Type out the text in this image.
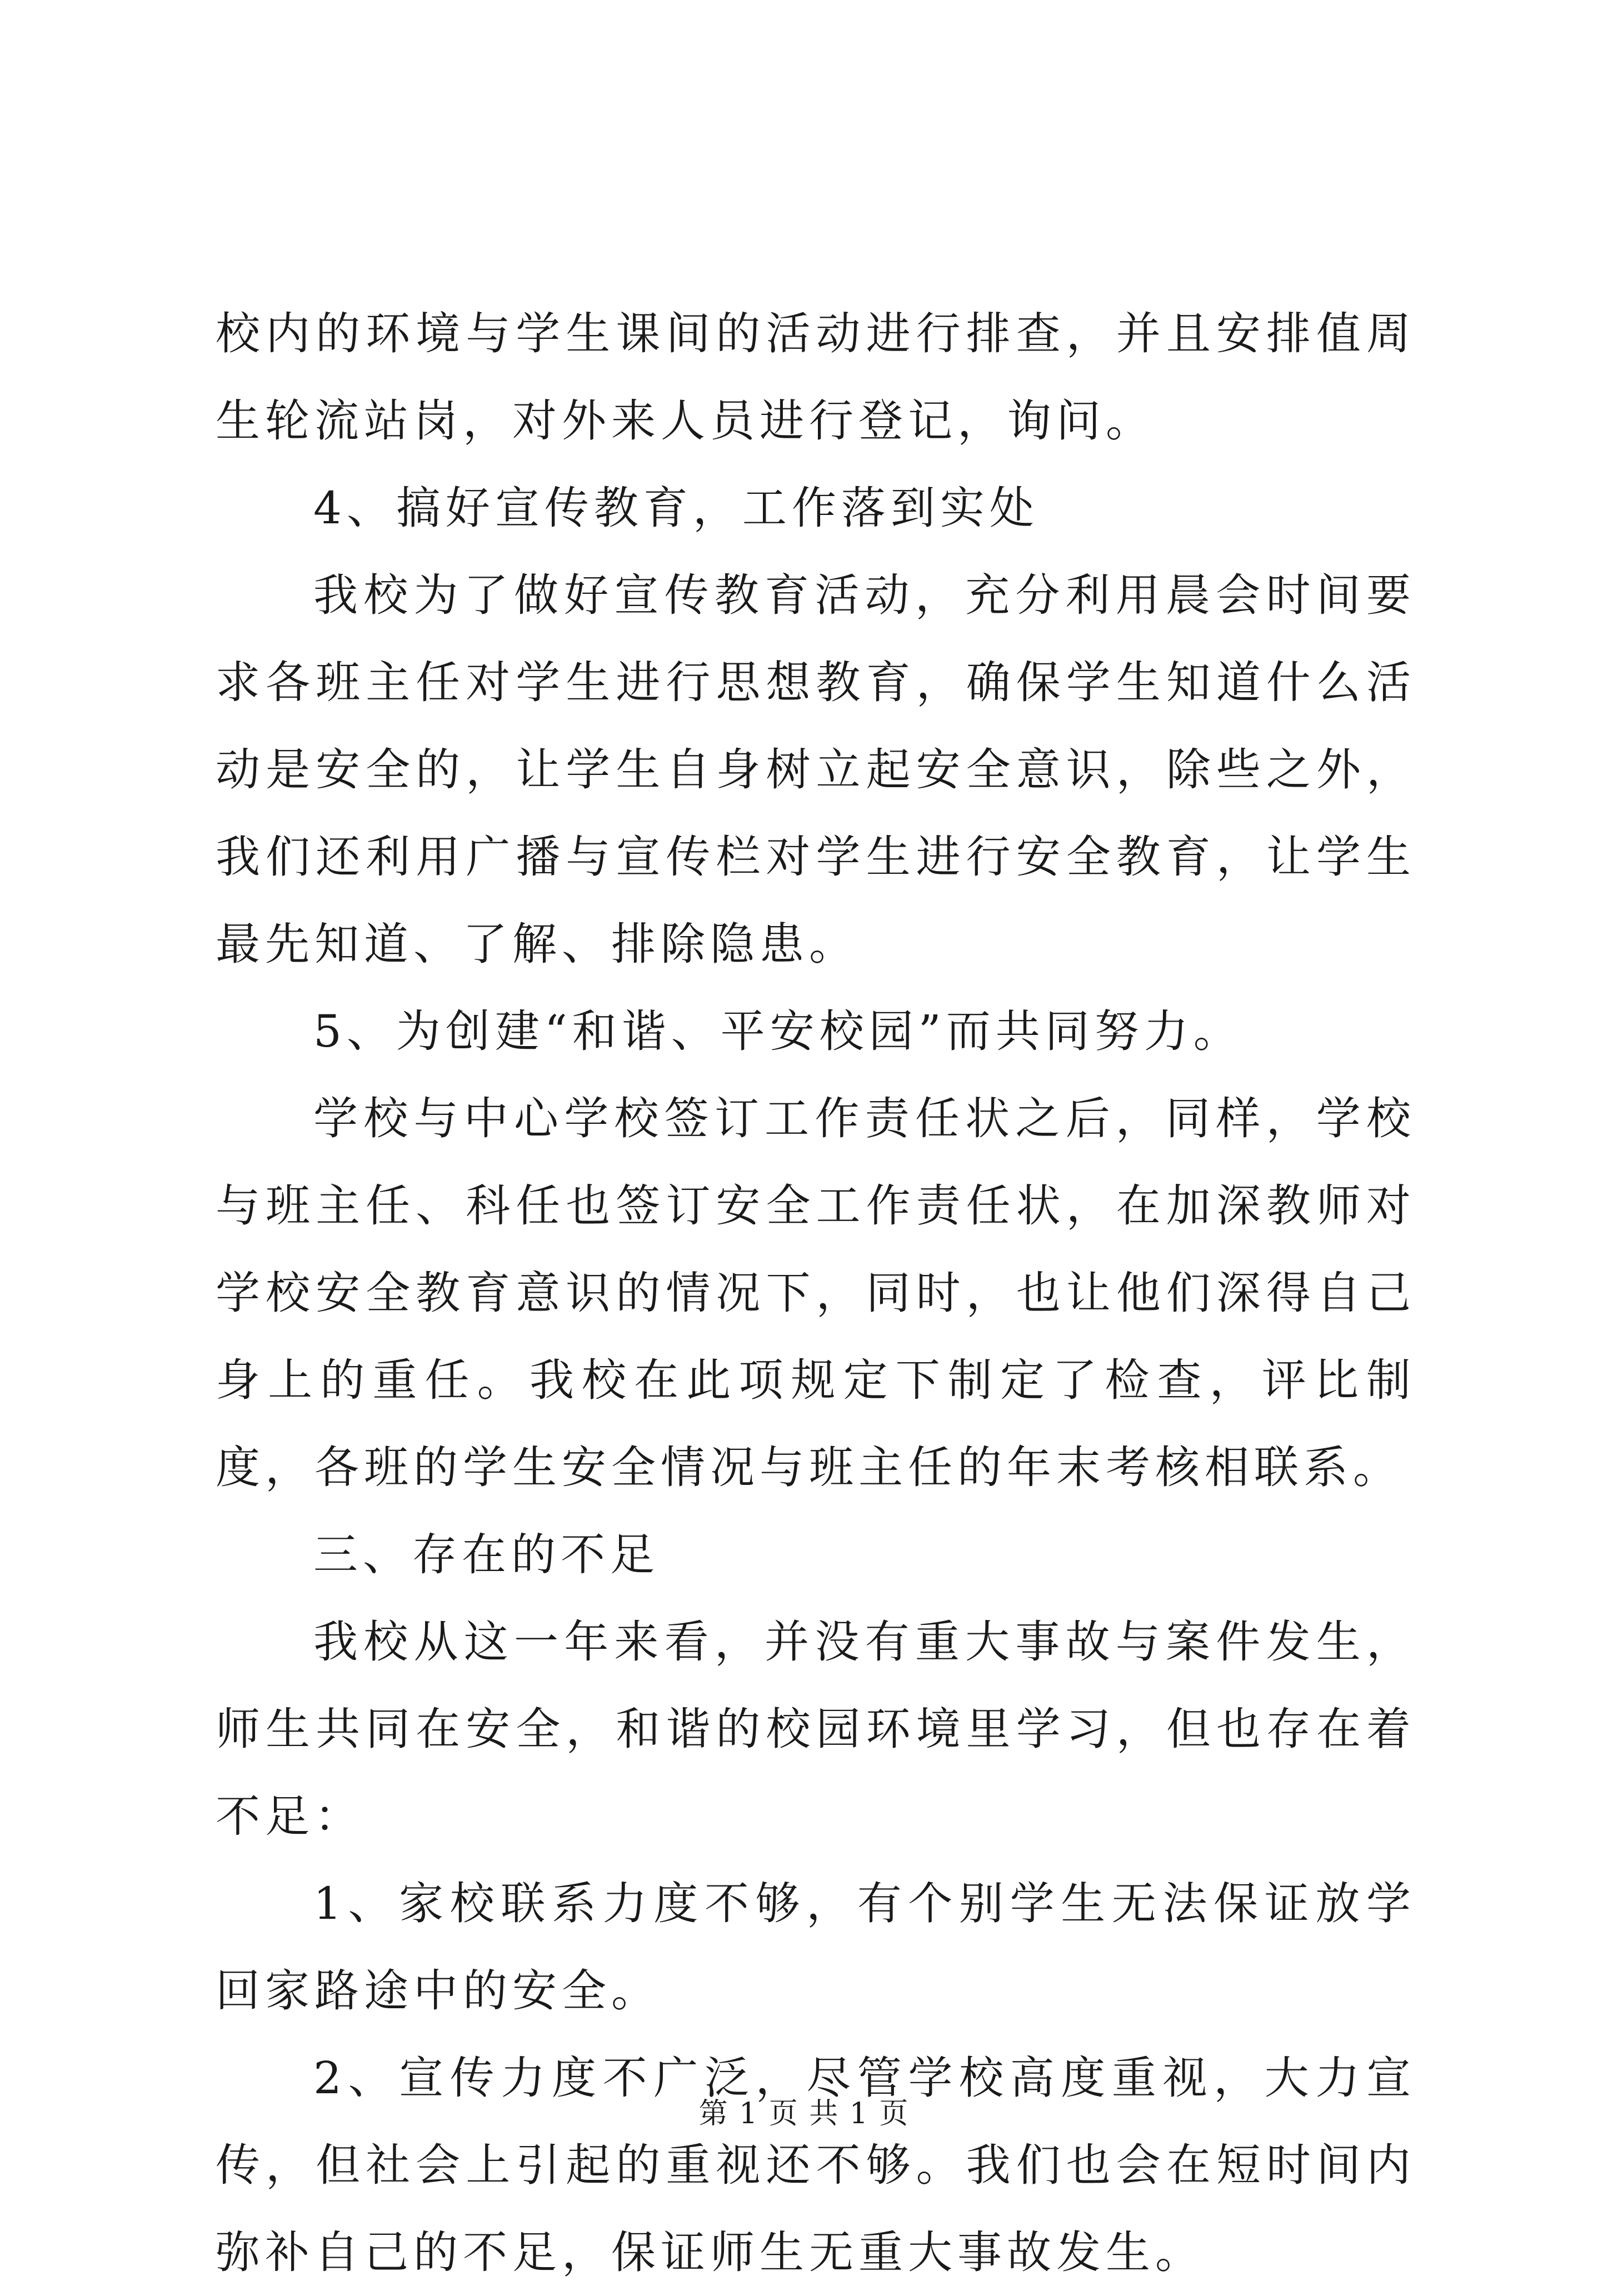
校内的环境与学生课间的活动进行排查，并且安排值周生轮流站岗，对外来人员进行登记，询问。

4、搞好宣传教育，工作落到实处

我校为了做好宣传教育活动，充分利用晨会时间要求各班主任对学生进行思想教育，确保学生知道什么活动是安全的，让学生自身树立起安全意识，除些之外，我们还利用广播与宣传栏对学生进行安全教育，让学生最先知道、了解、排除隐患。

5、为创建“和谐、平安校园”而共同努力。

学校与中心学校签订工作责任状之后，同样，学校与班主任、科任也签订安全工作责任状，在加深教师对学校安全教育意识的情况下，同时，也让他们深得自己身上的重任。我校在此项规定下制定了检查，评比制度，各班的学生安全情况与班主任的年末考核相联系。

三、存在的不足

我校从这一年来看，并没有重大事故与案件发生，师生共同在安全，和谐的校园环境里学习，但也存在着不足：

1、家校联系力度不够，有个别学生无法保证放学回家路途中的安全。

2、宣传力度不广泛，尽管学校高度重视，大力宣传，但社会上引起的重视还不够。我们也会在短时间内弥补自己的不足，保证师生无重大事故发生。

第 1 页 共 1 页
